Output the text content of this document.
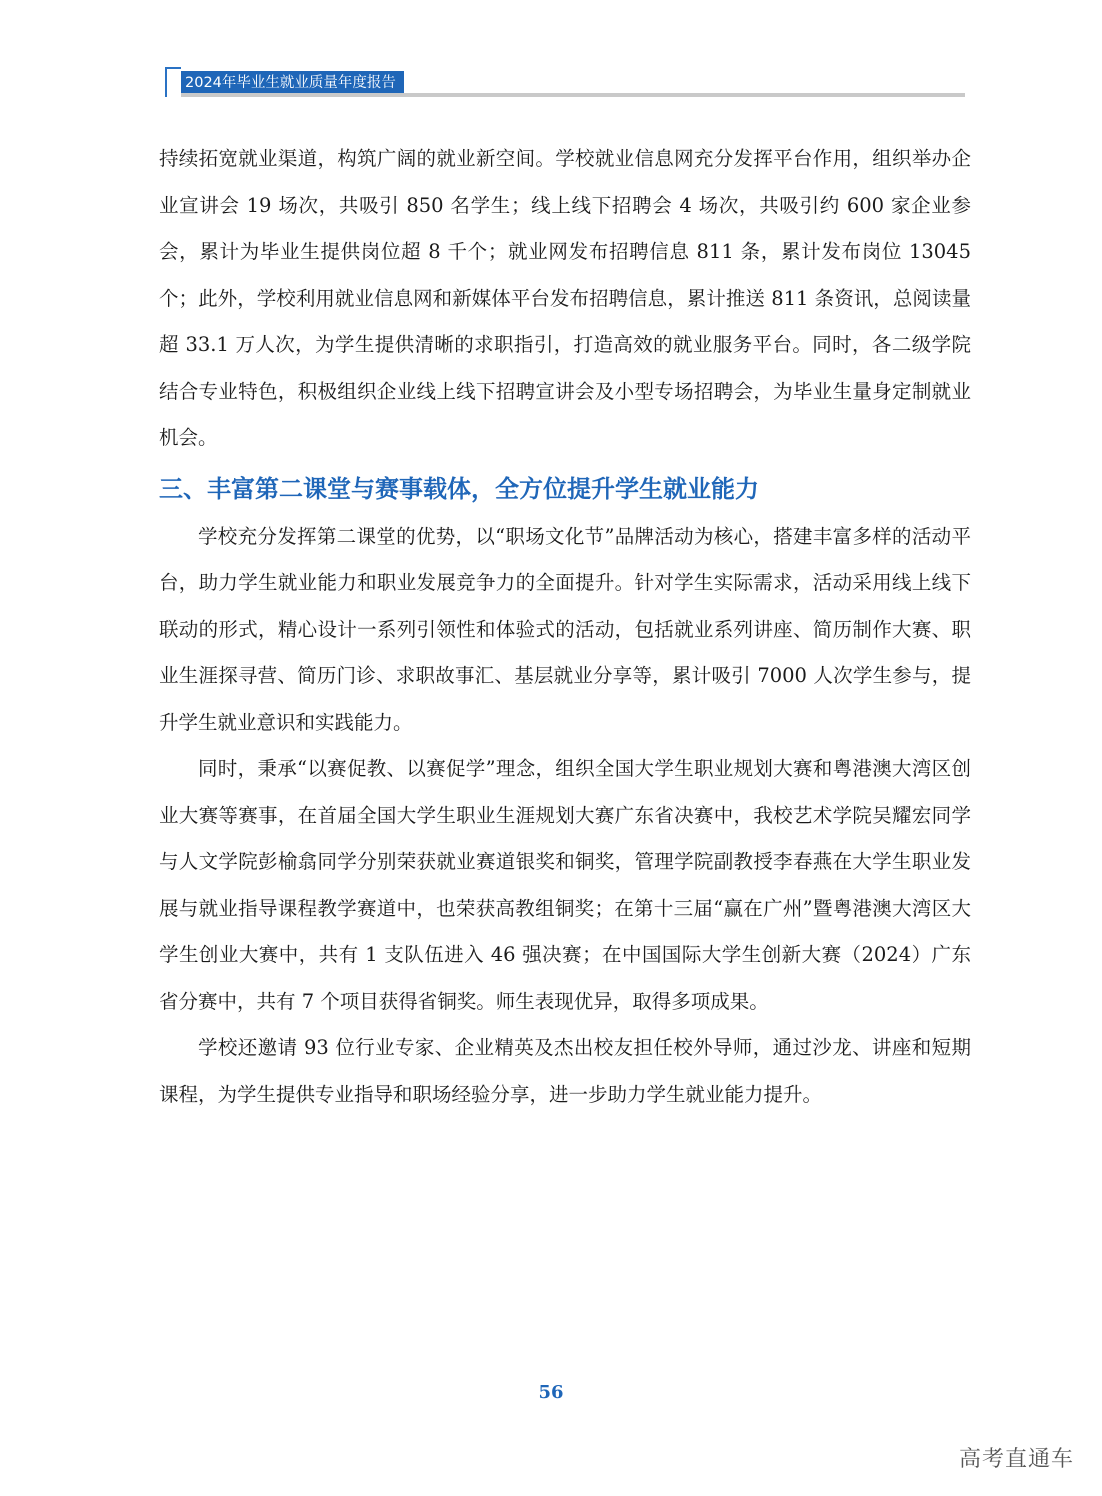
2024年毕业生就业质量年度报告

持续拓宽就业渠道，构筑广阔的就业新空间。学校就业信息网充分发挥平台作用，组织举办企业宣讲会 19 场次，共吸引 850 名学生；线上线下招聘会 4 场次，共吸引约 600 家企业参会，累计为毕业生提供岗位超 8 千个；就业网发布招聘信息 811 条，累计发布岗位 13045 个；此外，学校利用就业信息网和新媒体平台发布招聘信息，累计推送 811 条资讯，总阅读量超 33.1 万人次，为学生提供清晰的求职指引，打造高效的就业服务平台。同时，各二级学院结合专业特色，积极组织企业线上线下招聘宣讲会及小型专场招聘会，为毕业生量身定制就业机会。

三、丰富第二课堂与赛事载体，全方位提升学生就业能力

学校充分发挥第二课堂的优势，以“职场文化节”品牌活动为核心，搭建丰富多样的活动平台，助力学生就业能力和职业发展竞争力的全面提升。针对学生实际需求，活动采用线上线下联动的形式，精心设计一系列引领性和体验式的活动，包括就业系列讲座、简历制作大赛、职业生涯探寻营、简历门诊、求职故事汇、基层就业分享等，累计吸引 7000 人次学生参与，提升学生就业意识和实践能力。

同时，秉承“以赛促教、以赛促学”理念，组织全国大学生职业规划大赛和粤港澳大湾区创业大赛等赛事，在首届全国大学生职业生涯规划大赛广东省决赛中，我校艺术学院吴耀宏同学与人文学院彭榆翕同学分别荣获就业赛道银奖和铜奖，管理学院副教授李春燕在大学生职业发展与就业指导课程教学赛道中，也荣获高教组铜奖；在第十三届“赢在广州”暨粤港澳大湾区大学生创业大赛中，共有 1 支队伍进入 46 强决赛；在中国国际大学生创新大赛（2024）广东省分赛中，共有 7 个项目获得省铜奖。师生表现优异，取得多项成果。

学校还邀请 93 位行业专家、企业精英及杰出校友担任校外导师，通过沙龙、讲座和短期课程，为学生提供专业指导和职场经验分享，进一步助力学生就业能力提升。

56
高考直通车
